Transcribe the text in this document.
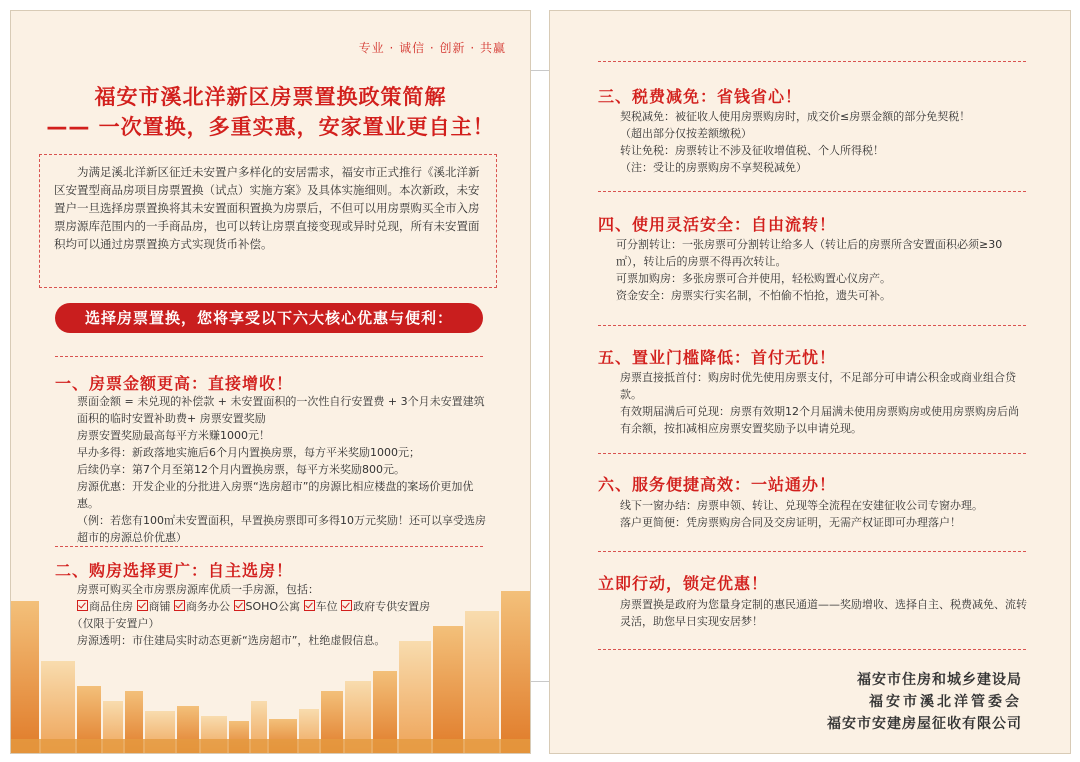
专业 · 诚信 · 创新 · 共赢
福安市溪北洋新区房票置换政策简解
—— 一次置换，多重实惠，安家置业更自主！
为满足溪北洋新区征迁未安置户多样化的安居需求，福安市正式推行《溪北洋新区安置型商品房项目房票置换（试点）实施方案》及具体实施细则。本次新政，未安置户一旦选择房票置换将其未安置面积置换为房票后，不但可以用房票购买全市入房票房源库范围内的一手商品房，也可以转让房票直接变现或异时兑现，所有未安置面积均可以通过房票置换方式实现货币补偿。
选择房票置换，您将享受以下六大核心优惠与便利：
一、房票金额更高：直接增收！
票面金额 = 未兑现的补偿款 + 未安置面积的一次性自行安置费 + 3个月未安置建筑面积的临时安置补助费+ 房票安置奖励
房票安置奖励最高每平方米赚1000元！
早办多得：新政落地实施后6个月内置换房票，每方平米奖励1000元；
后续仍享：第7个月至第12个月内置换房票，每平方米奖励800元。
房源优惠：开发企业的分批进入房票“选房超市”的房源比相应楼盘的案场价更加优惠。
（例：若您有100㎡未安置面积，早置换房票即可多得10万元奖励！还可以享受选房超市的房源总价优惠）
二、购房选择更广：自主选房！
房票可购买全市房票房源库优质一手房源，包括：
商品住房 商铺 商务办公 SOHO公寓 车位 政府专供安置房
（仅限于安置户）
房源透明：市住建局实时动态更新“选房超市”，杜绝虚假信息。
三、税费减免：省钱省心！
契税减免：被征收人使用房票购房时，成交价≤房票金额的部分免契税！
（超出部分仅按差额缴税）
转让免税：房票转让不涉及征收增值税、个人所得税！
（注：受让的房票购房不享契税减免）
四、使用灵活安全：自由流转！
可分割转让：一张房票可分割转让给多人（转让后的房票所含安置面积必须≥30㎡），转让后的房票不得再次转让。
可票加购房：多张房票可合并使用，轻松购置心仪房产。
资金安全：房票实行实名制，不怕偷不怕抢，遗失可补。
五、置业门槛降低：首付无忧！
房票直接抵首付：购房时优先使用房票支付，不足部分可申请公积金或商业组合贷款。
有效期届满后可兑现：房票有效期12个月届满未使用房票购房或使用房票购房后尚有余额，按扣减相应房票安置奖励予以申请兑现。
六、服务便捷高效：一站通办！
线下一窗办结：房票申领、转让、兑现等全流程在安建征收公司专窗办理。
落户更简便：凭房票购房合同及交房证明，无需产权证即可办理落户！
立即行动，锁定优惠！
房票置换是政府为您量身定制的惠民通道——奖励增收、选择自主、税费减免、流转灵活，助您早日实现安居梦！
福安市住房和城乡建设局
福安市溪北洋管委会
福安市安建房屋征收有限公司
